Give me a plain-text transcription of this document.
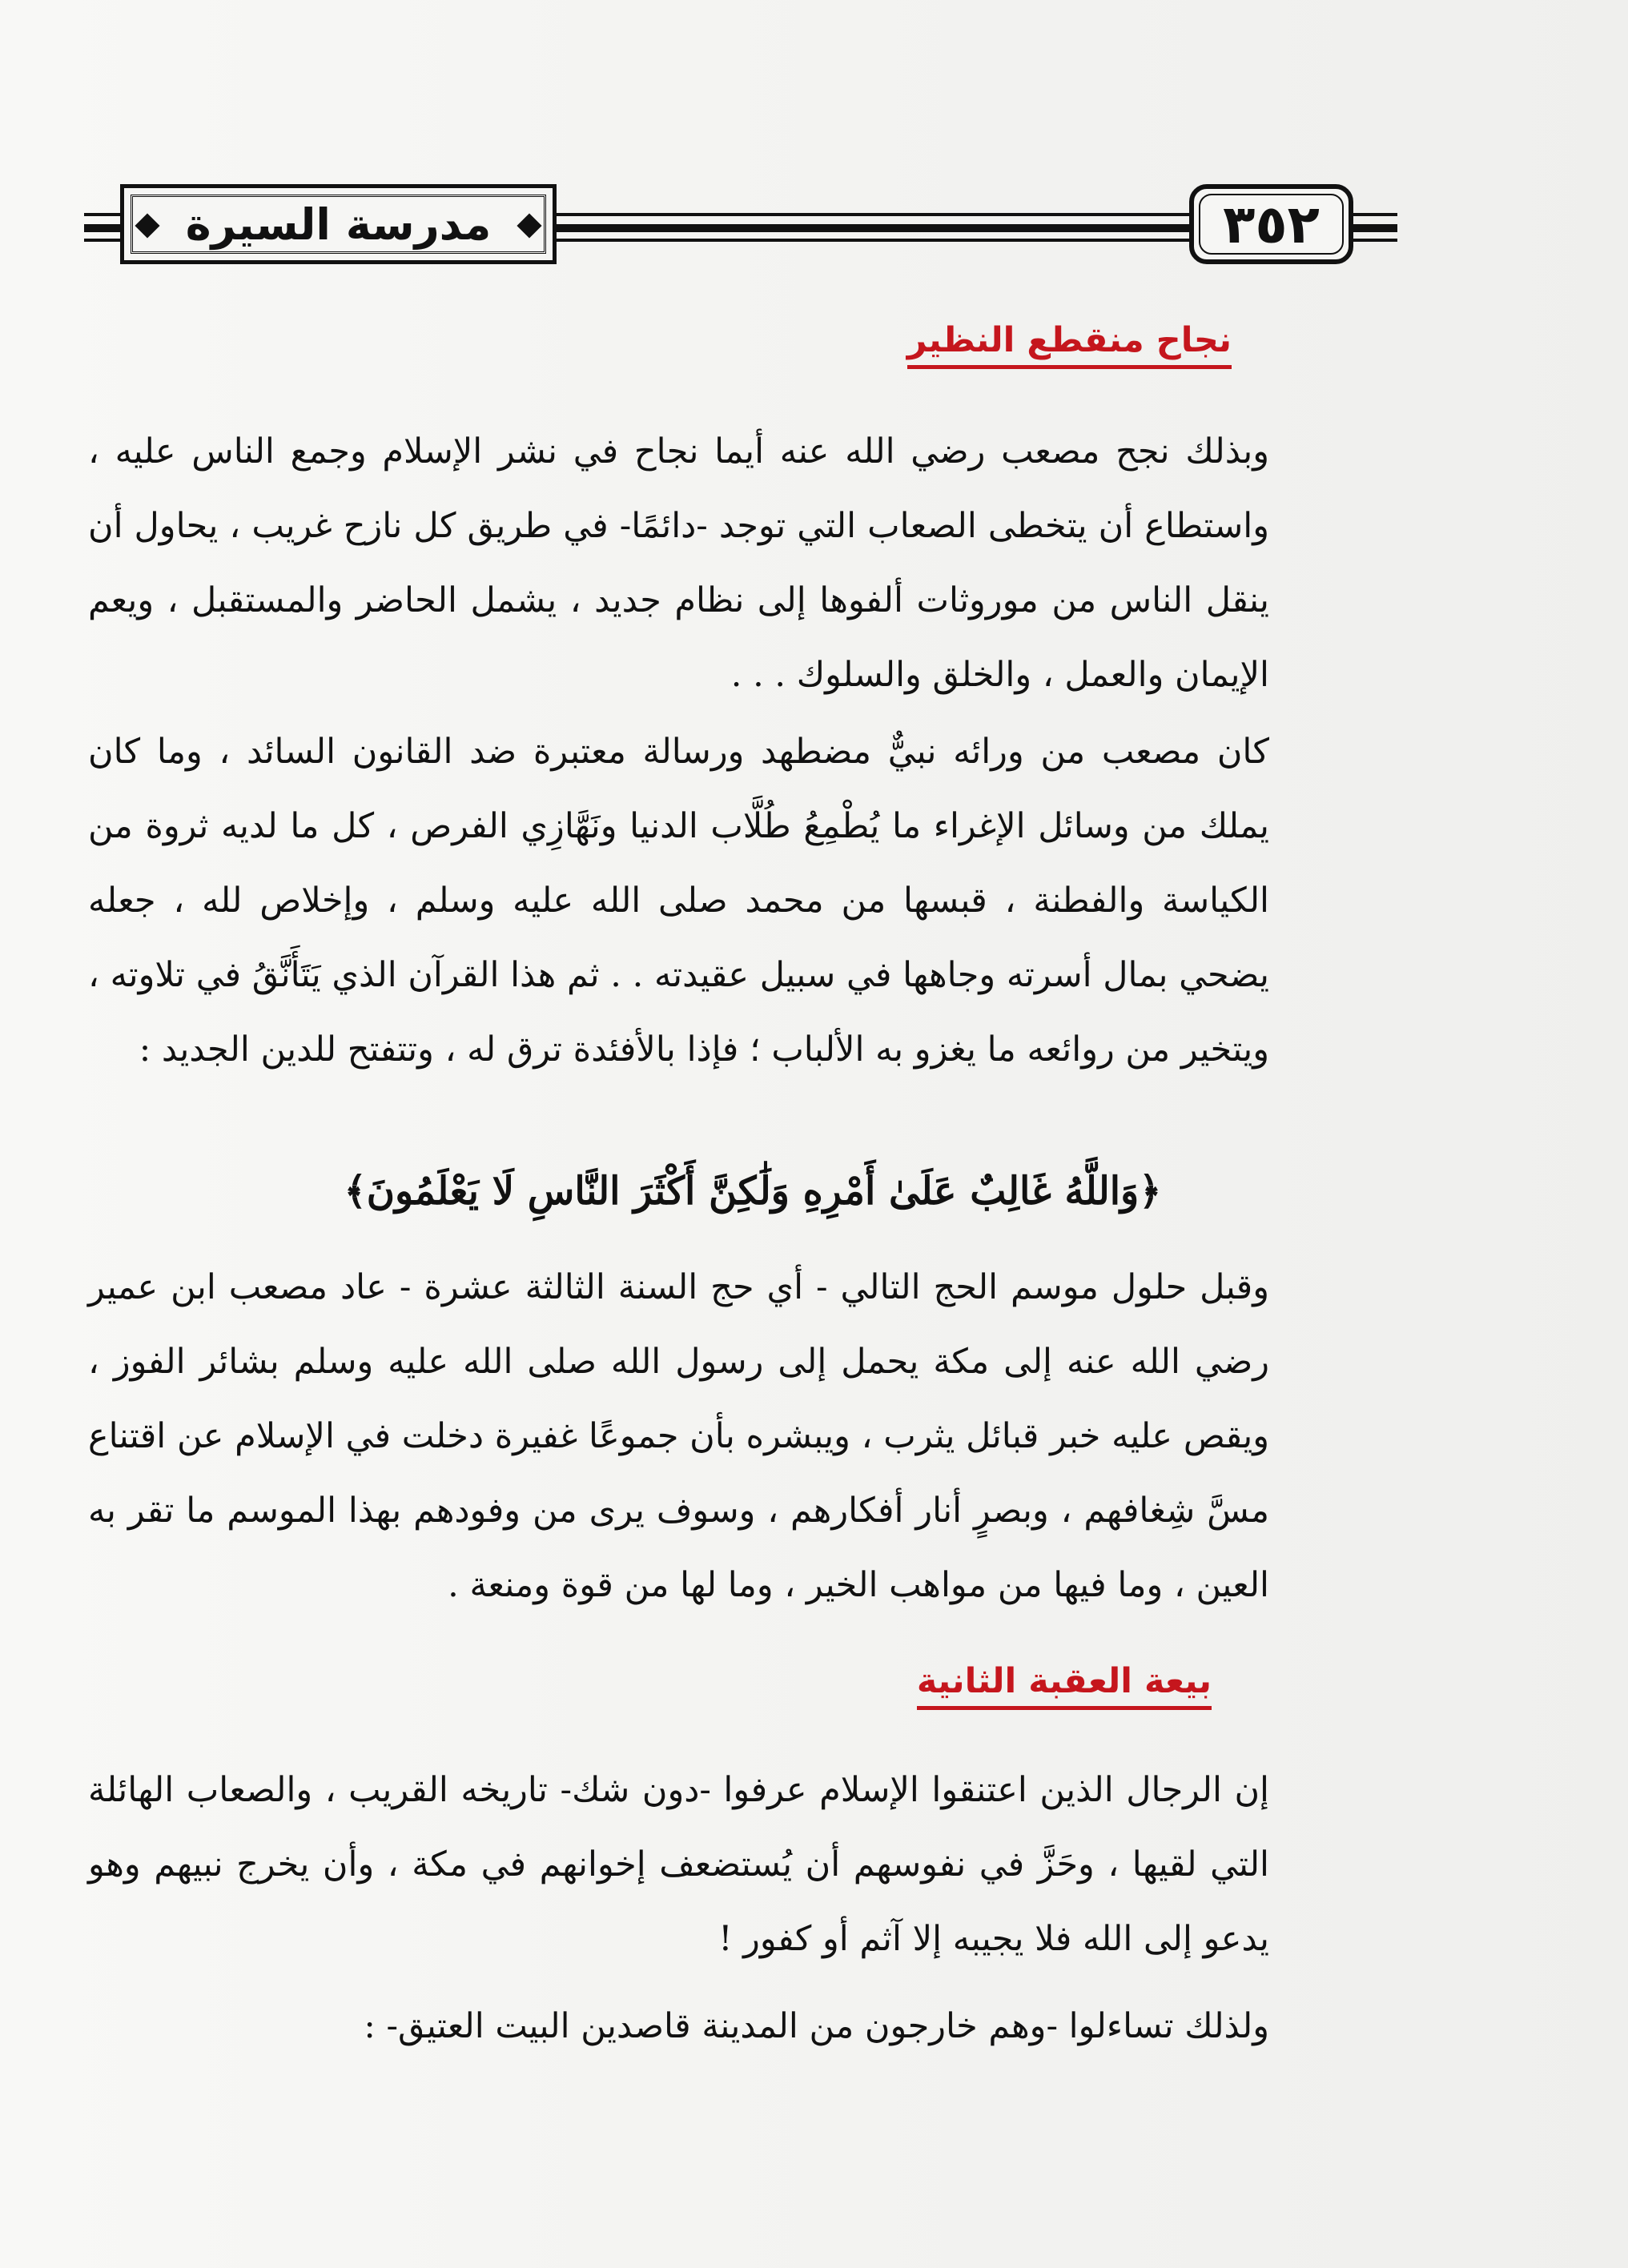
مدرسة السيرة	٣٥٢
نجاح منقطع النظير

وبذلك نجح مصعب رضي الله عنه أيما نجاح في نشر الإسلام وجمع الناس عليه ، واستطاع أن يتخطى الصعاب التي توجد -دائمًا- في طريق كل نازح غريب ، يحاول أن ينقل الناس من موروثات ألفوها إلى نظام جديد ، يشمل الحاضر والمستقبل ، ويعم الإيمان والعمل ، والخلق والسلوك . . .

كان مصعب من ورائه نبيٌّ مضطهد ورسالة معتبرة ضد القانون السائد ، وما كان يملك من وسائل الإغراء ما يُطْمِعُ طُلَّاب الدنيا ونَهَّازِي الفرص ، كل ما لديه ثروة من الكياسة والفطنة ، قبسها من محمد صلى الله عليه وسلم ، وإخلاص لله ، جعله يضحي بمال أسرته وجاهها في سبيل عقيدته . . ثم هذا القرآن الذي يَتَأَنَّقُ في تلاوته ، ويتخير من روائعه ما يغزو به الألباب ؛ فإذا بالأفئدة ترق له ، وتتفتح للدين الجديد :

﴿وَاللَّهُ غَالِبٌ عَلَىٰ أَمْرِهِ وَلَٰكِنَّ أَكْثَرَ النَّاسِ لَا يَعْلَمُونَ﴾

وقبل حلول موسم الحج التالي - أي حج السنة الثالثة عشرة - عاد مصعب ابن عمير رضي الله عنه إلى مكة يحمل إلى رسول الله صلى الله عليه وسلم بشائر الفوز ، ويقص عليه خبر قبائل يثرب ، ويبشره بأن جموعًا غفيرة دخلت في الإسلام عن اقتناع مسَّ شِغافهم ، وبصرٍ أنار أفكارهم ، وسوف يرى من وفودهم بهذا الموسم ما تقر به العين ، وما فيها من مواهب الخير ، وما لها من قوة ومنعة .

بيعة العقبة الثانية

إن الرجال الذين اعتنقوا الإسلام عرفوا -دون شك- تاريخه القريب ، والصعاب الهائلة التي لقيها ، وحَزَّ في نفوسهم أن يُستضعف إخوانهم في مكة ، وأن يخرج نبيهم وهو يدعو إلى الله فلا يجيبه إلا آثم أو كفور !

ولذلك تساءلوا -وهم خارجون من المدينة قاصدين البيت العتيق- :
